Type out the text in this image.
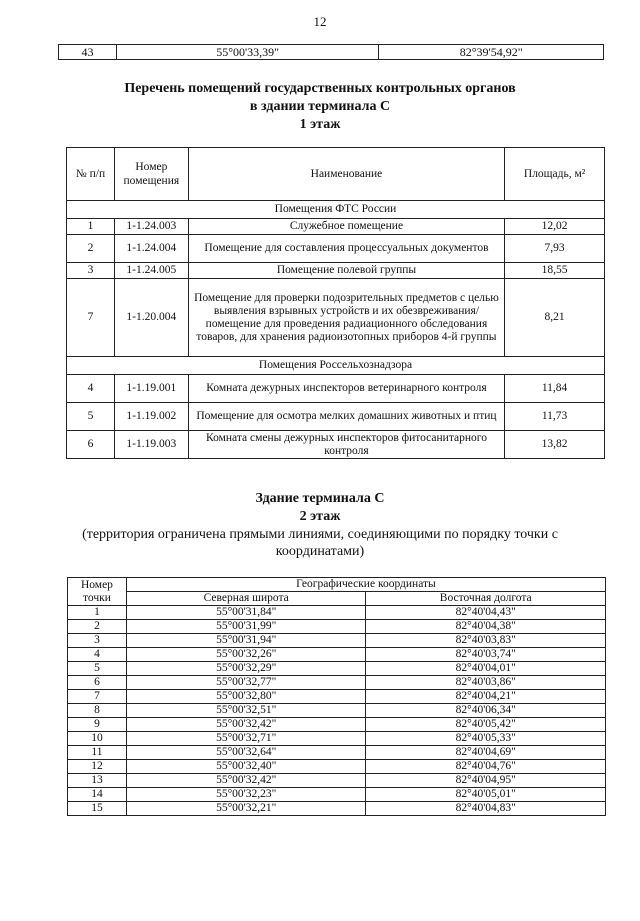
12
43	55°00'33,39"	82°39'54,92"
Перечень помещений государственных контрольных органов
в здании терминала С
1 этаж
№ п/п	Номер помещения	Наименование	Площадь, м²
Помещения ФТС России			
1	1-1.24.003	Служебное помещение	12,02
2	1-1.24.004	Помещение для составления процессуальных документов	7,93
3	1-1.24.005	Помещение полевой группы	18,55
7	1-1.20.004	Помещение для проверки подозрительных предметов с целью выявления взрывных устройств и их обезвреживания/помещение для проведения радиационного обследования товаров, для хранения радиоизотопных приборов 4-й группы	8,21
Помещения Россельхознадзора			
4	1-1.19.001	Комната дежурных инспекторов ветеринарного контроля	11,84
5	1-1.19.002	Помещение для осмотра мелких домашних животных и птиц	11,73
6	1-1.19.003	Комната смены дежурных инспекторов фитосанитарного контроля	13,82
Здание терминала С
2 этаж
(территория ограничена прямыми линиями, соединяющими по порядку точки с координатами)
Номер точки	Географические координаты	
	Северная широта	Восточная долгота
1	55°00'31,84"	82°40'04,43"
2	55°00'31,99"	82°40'04,38"
3	55°00'31,94"	82°40'03,83"
4	55°00'32,26"	82°40'03,74"
5	55°00'32,29"	82°40'04,01"
6	55°00'32,77"	82°40'03,86"
7	55°00'32,80"	82°40'04,21"
8	55°00'32,51"	82°40'06,34"
9	55°00'32,42"	82°40'05,42"
10	55°00'32,71"	82°40'05,33"
11	55°00'32,64"	82°40'04,69"
12	55°00'32,40"	82°40'04,76"
13	55°00'32,42"	82°40'04,95"
14	55°00'32,23"	82°40'05,01"
15	55°00'32,21"	82°40'04,83"
